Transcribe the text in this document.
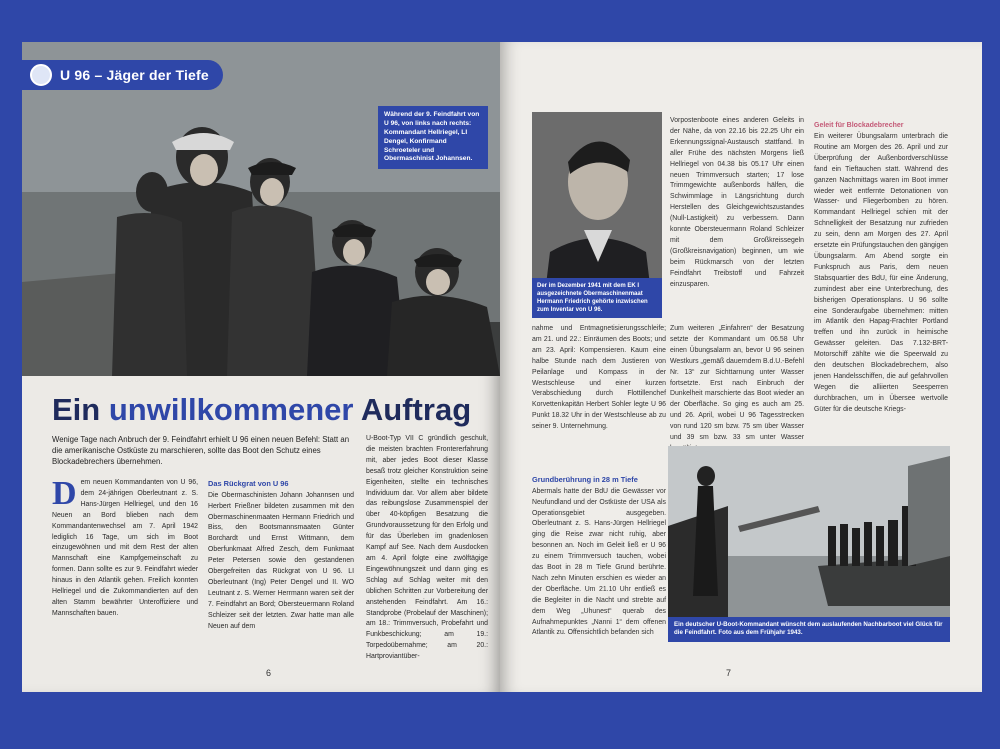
U 96 – Jäger der Tiefe
Während der 9. Feindfahrt von U 96, von links nach rechts: Kommandant Hellriegel, LI Dengel, Konfirmand Schroeteler und Obermaschinist Johannsen.
Ein unwillkommener Auftrag

Wenige Tage nach Anbruch der 9. Feindfahrt erhielt U 96 einen neuen Befehl: Statt an die amerikanische Ostküste zu marschieren, sollte das Boot den Schutz eines Blockadebrechers übernehmen.

Dem neuen Kommandanten von U 96, dem 24-jährigen Oberleutnant z. S. Hans-Jürgen Hellriegel, und den 16 Neuen an Bord blieben nach dem Kommandantenwechsel am 7. April 1942 lediglich 16 Tage, um sich im Boot einzugewöhnen und mit dem Rest der alten Mannschaft eine Kampfgemeinschaft zu formen. Dann sollte es zur 9. Feindfahrt wieder hinaus in den Atlantik gehen. Freilich konnten Hellriegel und die Zukommandierten auf den alten Stamm bewährter Unteroffiziere und Mannschaften bauen.
Das Rückgrat von U 96
Die Obermaschinisten Johann Johannsen und Herbert Frießner bildeten zusammen mit den Obermaschinenmaaten Hermann Friedrich und Biss, den Bootsmannsmaaten Günter Borchardt und Ernst Wittmann, dem Oberfunkmaat Alfred Zesch, dem Funkmaat Peter Petersen sowie den gestandenen Obergefreiten das Rückgrat von U 96. LI Oberleutnant (Ing) Peter Dengel und II. WO Leutnant z. S. Werner Herrmann waren seit der 7. Feindfahrt an Bord; Obersteuermann Roland Schleizer seit der letzten. Zwar hatte man alle Neuen auf dem
U-Boot-Typ VII C gründlich geschult, die meisten brachten Frontererfahrung mit, aber jedes Boot dieser Klasse besaß trotz gleicher Konstruktion seine Eigenheiten, stellte ein technisches Individuum dar. Vor allem aber bildete das reibungslose Zusammenspiel der über 40-köpfigen Besatzung die Grundvoraussetzung für den Erfolg und für das Überleben im gnadenlosen Kampf auf See. Nach dem Ausdocken am 4. April folgte eine zwölftägige Eingewöhnungszeit und dann ging es Schlag auf Schlag weiter mit den üblichen Schritten zur Vorbereitung der anstehenden Feindfahrt. Am 16.: Standprobe (Probelauf der Maschinen); am 18.: Trimmversuch, Probefahrt und Funkbeschickung; am 19.: Torpedoübernahme; am 20.: Hartproviantüber-
6
Der im Dezember 1941 mit dem EK I ausgezeichnete Obermaschinenmaat Hermann Friedrich gehörte inzwischen zum Inventar von U 96.
Vorpostenboote eines anderen Geleits in der Nähe, da von 22.16 bis 22.25 Uhr ein Erkennungssignal-Austausch stattfand. In aller Frühe des nächsten Morgens ließ Hellriegel von 04.38 bis 05.17 Uhr einen neuen Trimmversuch starten; 17 lose Trimmgewichte außenbords hälfen, die Schwimmlage in Längsrichtung durch Herstellen des Gleichgewichtszustandes (Null-Lastigkeit) zu verbessern. Dann konnte Obersteuermann Roland Schleizer mit dem Großkreissegeln (Großkreisnavigation) beginnen, um wie beim Rückmarsch von der letzten Feindfahrt Treibstoff und Fahrzeit einzusparen.
Zum weiteren „Einfahren“ der Besatzung setzte der Kommandant um 06.58 Uhr einen Übungsalarm an, bevor U 96 seinen Westkurs „gemäß dauerndem B.d.U.-Befehl Nr. 13“ zur Sichttarnung unter Wasser fortsetzte. Erst nach Einbruch der Dunkelheit marschierte das Boot wieder an der Oberfläche. So ging es auch am 25. und 26. April, wobei U 96 Tagesstrecken von rund 120 sm bzw. 75 sm über Wasser und 39 sm bzw. 33 sm unter Wasser
nahme und Entmagnetisierungsschleife; am 21. und 22.: Einräumen des Boots; und am 23. April: Kompensieren. Kaum eine halbe Stunde nach dem Justieren von Peilanlage und Kompass in der Westschleuse und einer kurzen Verabschiedung durch Flottillenchef Korvettenkapitän Herbert Sohler legte U 96 Punkt 18.32 Uhr in der Westschleuse ab zu seiner 9. Unternehmung.
Grundberührung in 28 m Tiefe
Abermals hatte der BdU die Gewässer vor Neufundland und der Ostküste der USA als Operationsgebiet ausgegeben. Oberleutnant z. S. Hans-Jürgen Hellriegel ging die Reise zwar nicht ruhig, aber besonnen an. Noch im Geleit ließ er U 96 zu einem Trimmversuch tauchen, wobei das Boot in 28 m Tiefe Grund berührte. Nach zehn Minuten erschien es wieder an der Oberfläche. Um 21.10 Uhr entließ es die Begleiter in die Nacht und strebte auf dem Weg „Uhunest“ querab des Aufnahmepunktes „Nanni 1“ dem offenen Atlantik zu. Offensichtlich befanden sich
Geleit für Blockadebrecher
Ein weiterer Übungsalarm unterbrach die Routine am Morgen des 26. April und zur Überprüfung der Außenbordverschlüsse fand ein Tieftauchen statt. Während des ganzen Nachmittags waren im Boot immer wieder weit entfernte Detonationen von Wasser- und Fliegerbomben zu hören. Kommandant Hellriegel schien mit der Schnelligkeit der Besatzung nur zufrieden zu sein, denn am Morgen des 27. April ersetzte ein Prüfungstauchen den gängigen Übungsalarm. Am Abend sorgte ein Funkspruch aus Paris, dem neuen Stabsquartier des BdU, für eine Änderung, zumindest aber eine Unterbrechung, des bisherigen Operationsplans. U 96 sollte eine Sonderaufgabe übernehmen: mitten im Atlantik den Hapag-Frachter Portland treffen und ihn zurück in heimische Gewässer geleiten. Das 7.132-BRT-Motorschiff zählte wie die Speerwald zu den deutschen Blockadebrechern, also jenen Handelsschiffen, die auf gefahrvollen Wegen die alliierten Seesperren durchbrachen, um in Übersee wertvolle Güter für die deutsche Kriegs-
Ein deutscher U-Boot-Kommandant wünscht dem auslaufenden Nachbarboot viel Glück für die Feindfahrt. Foto aus dem Frühjahr 1943.
7
